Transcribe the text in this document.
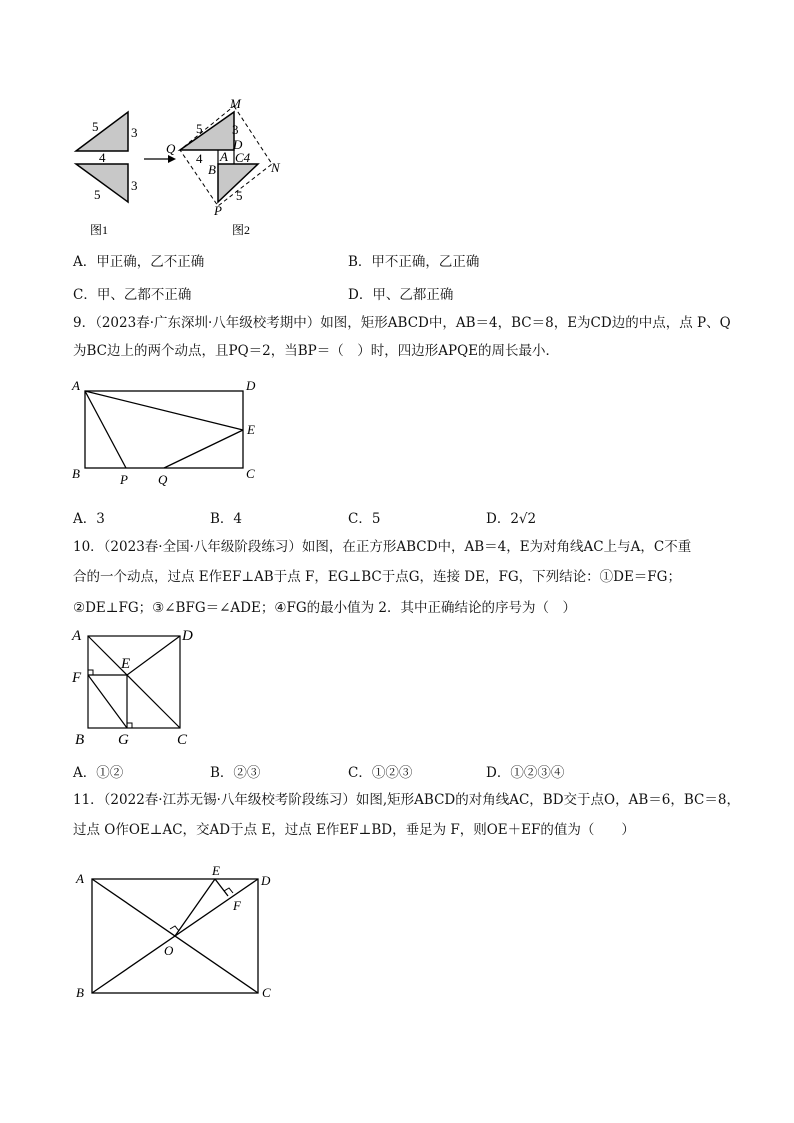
5	3
4
5
3
图1
M
Q
5 3
D
4 A C4
N
B
5
P
图2
A．甲正确，乙不正确	B．甲不正确，乙正确
C．甲、乙都不正确	D．甲、乙都正确
9．（2023春·广东深圳·八年级校考期中）如图，矩形ABCD中，AB＝4，BC＝8，E为CD边的中点，点 P、Q
为BC边上的两个动点，且PQ＝2，当BP＝（　）时，四边形APQE的周长最小．
A	D
E
B	P Q	C
A．3	B．4	C．5	D．2√2
10．（2023春·全国·八年级阶段练习）如图，在正方形ABCD中，AB＝4，E为对角线AC上与A，C不重
合的一个动点，过点 E作EF⊥AB于点 F，EG⊥BC于点G，连接 DE，FG，下列结论：①DE＝FG；
②DE⊥FG；③∠BFG＝∠ADE；④FG的最小值为 2．其中正确结论的序号为（　）
A	D
E
F
B G	C
A．①②	B．②③	C．①②③	D．①②③④
11．（2022春·江苏无锡·八年级校考阶段练习）如图,矩形ABCD的对角线AC，BD交于点O，AB＝6，BC＝8，
过点 O作OE⊥AC，交AD于点 E，过点 E作EF⊥BD，垂足为 F，则OE＋EF的值为（　　）
A
E
D
F
O
B	C
